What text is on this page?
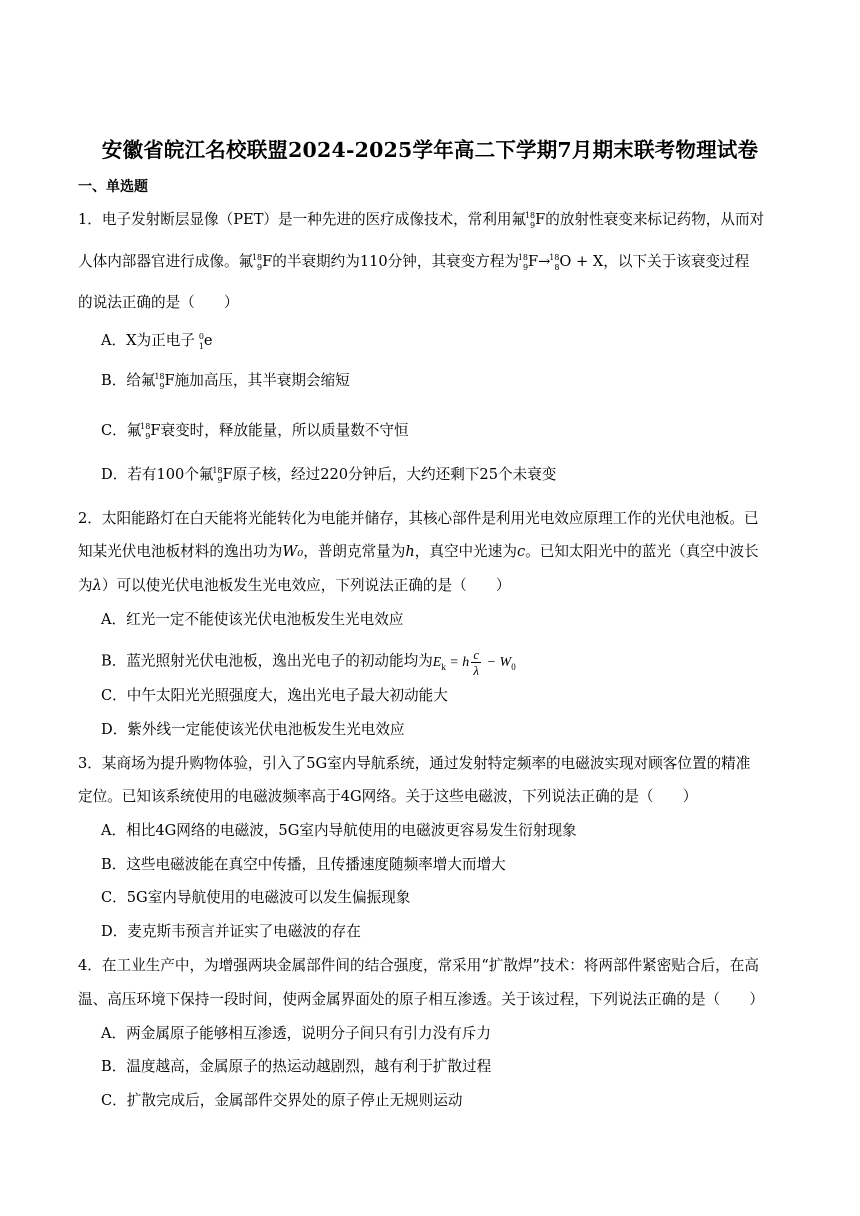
安徽省皖江名校联盟2024-2025学年高二下学期7月期末联考物理试卷
一、单选题
1．电子发射断层显像（PET）是一种先进的医疗成像技术，常利用氟
18
9 F的放射性衰变来标记药物，从而对
人体内部器官进行成像。氟
18
9 F的半衰期约为110分钟，其衰变方程为
18
9 F→
18
8 O + X，以下关于该衰变过程
的说法正确的是（　　）
A．X为正电子 0
1 e
B．给氟
18
9 F施加高压，其半衰期会缩短
C．氟
18
9 F衰变时，释放能量，所以质量数不守恒
D．若有100个氟
18
9 F原子核，经过220分钟后，大约还剩下25个未衰变
2．太阳能路灯在白天能将光能转化为电能并储存，其核心部件是利用光电效应原理工作的光伏电池板。已
知某光伏电池板材料的逸出功为W₀，普朗克常量为h，真空中光速为c。已知太阳光中的蓝光（真空中波长
为λ）可以使光伏电池板发生光电效应，下列说法正确的是（　　）
A．红光一定不能使该光伏电池板发生光电效应
B．蓝光照射光伏电池板，逸出光电子的初动能均为$E_k = h \frac{c}{\lambda} - W_0$
C．中午太阳光光照强度大，逸出光电子最大初动能大
D．紫外线一定能使该光伏电池板发生光电效应
3．某商场为提升购物体验，引入了5G室内导航系统，通过发射特定频率的电磁波实现对顾客位置的精准
定位。已知该系统使用的电磁波频率高于4G网络。关于这些电磁波，下列说法正确的是（　　）
A．相比4G网络的电磁波，5G室内导航使用的电磁波更容易发生衍射现象
B．这些电磁波能在真空中传播，且传播速度随频率增大而增大
C．5G室内导航使用的电磁波可以发生偏振现象
D．麦克斯韦预言并证实了电磁波的存在
4．在工业生产中，为增强两块金属部件间的结合强度，常采用“扩散焊”技术：将两部件紧密贴合后，在高
温、高压环境下保持一段时间，使两金属界面处的原子相互渗透。关于该过程，下列说法正确的是（　　）
A．两金属原子能够相互渗透，说明分子间只有引力没有斥力
B．温度越高，金属原子的热运动越剧烈，越有利于扩散过程
C．扩散完成后，金属部件交界处的原子停止无规则运动
